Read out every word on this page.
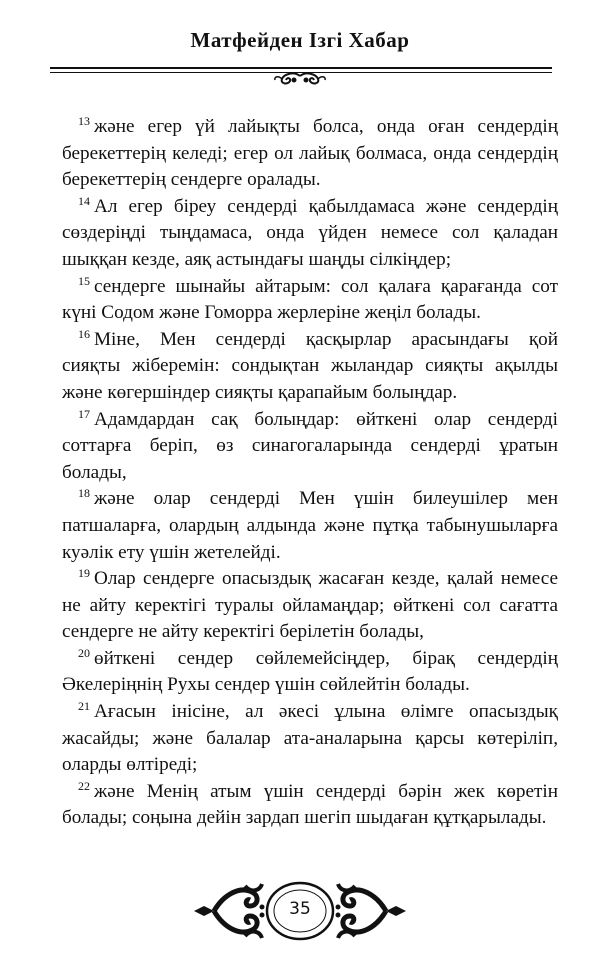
Матфейден Ізгі Хабар
$^{13}$ және егер үй лайықты болса, онда оған сендердің
берекеттерің келеді; егер ол лайық болмаса, онда сендердің
берекеттерің сендерге оралады.
$^{14}$ Ал егер біреу сендерді қабылдамаса және сендердің
сөздеріңді тыңдамаса, онда үйден немесе сол қаладан
шыққан кезде, аяқ астындағы шаңды сілкіңдер;
$^{15}$ сендерге шынайы айтарым: сол қалаға қарағанда сот
күні Содом және Гоморра жерлеріне жеңіл болады.
$^{16}$ Міне, Мен сендерді қасқырлар арасындағы қой
сияқты жіберемін: сондықтан жыландар сияқты ақылды
және көгершіндер сияқты қарапайым болыңдар.
$^{17}$ Адамдардан сақ болыңдар: өйткені олар сендерді
соттарға беріп, өз синагогаларында сендерді ұратын
болады,
$^{18}$ және олар сендерді Мен үшін билеушілер мен
патшаларға, олардың алдында және пұтқа табынушыларға
куәлік ету үшін жетелейді.
$^{19}$ Олар сендерге опасыздық жасаған кезде, қалай немесе
не айту керектігі туралы ойламаңдар; өйткені сол сағатта
сендерге не айту керектігі берілетін болады,
$^{20}$ өйткені сендер сөйлемейсіңдер, бірақ сендердің
Әкелеріңнің Рухы сендер үшін сөйлейтін болады.
$^{21}$ Ағасын інісіне, ал әкесі ұлына өлімге опасыздық
жасайды; және балалар ата-аналарына қарсы көтеріліп,
оларды өлтіреді;
$^{22}$ және Менің атым үшін сендерді бәрін жек көретін
болады; соңына дейін зардап шегіп шыдаған құтқарылады.
35
